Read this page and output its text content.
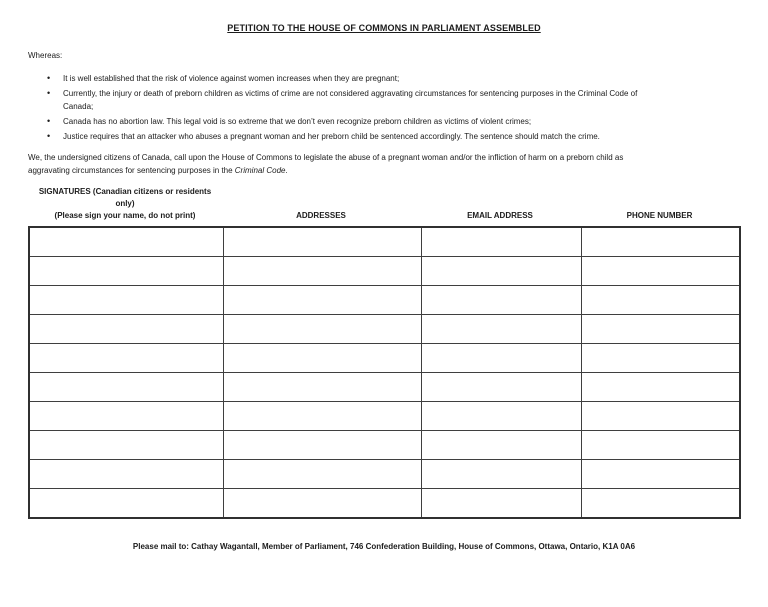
PETITION TO THE HOUSE OF COMMONS IN PARLIAMENT ASSEMBLED
Whereas:
• It is well established that the risk of violence against women increases when they are pregnant;
• Currently, the injury or death of preborn children as victims of crime are not considered aggravating circumstances for sentencing purposes in the Criminal Code of
Canada;
• Canada has no abortion law. This legal void is so extreme that we don’t even recognize preborn children as victims of violent crimes;
• Justice requires that an attacker who abuses a pregnant woman and her preborn child be sentenced accordingly. The sentence should match the crime.

We, the undersigned citizens of Canada, call upon the House of Commons to legislate the abuse of a pregnant woman and/or the infliction of harm on a preborn child as
aggravating circumstances for sentencing purposes in the Criminal Code.

SIGNATURES (Canadian citizens or residents
only)
(Please sign your name, do not print)	ADDRESSES	EMAIL ADDRESS	PHONE NUMBER

Please mail to: Cathay Wagantall, Member of Parliament, 746 Confederation Building, House of Commons, Ottawa, Ontario, K1A 0A6
